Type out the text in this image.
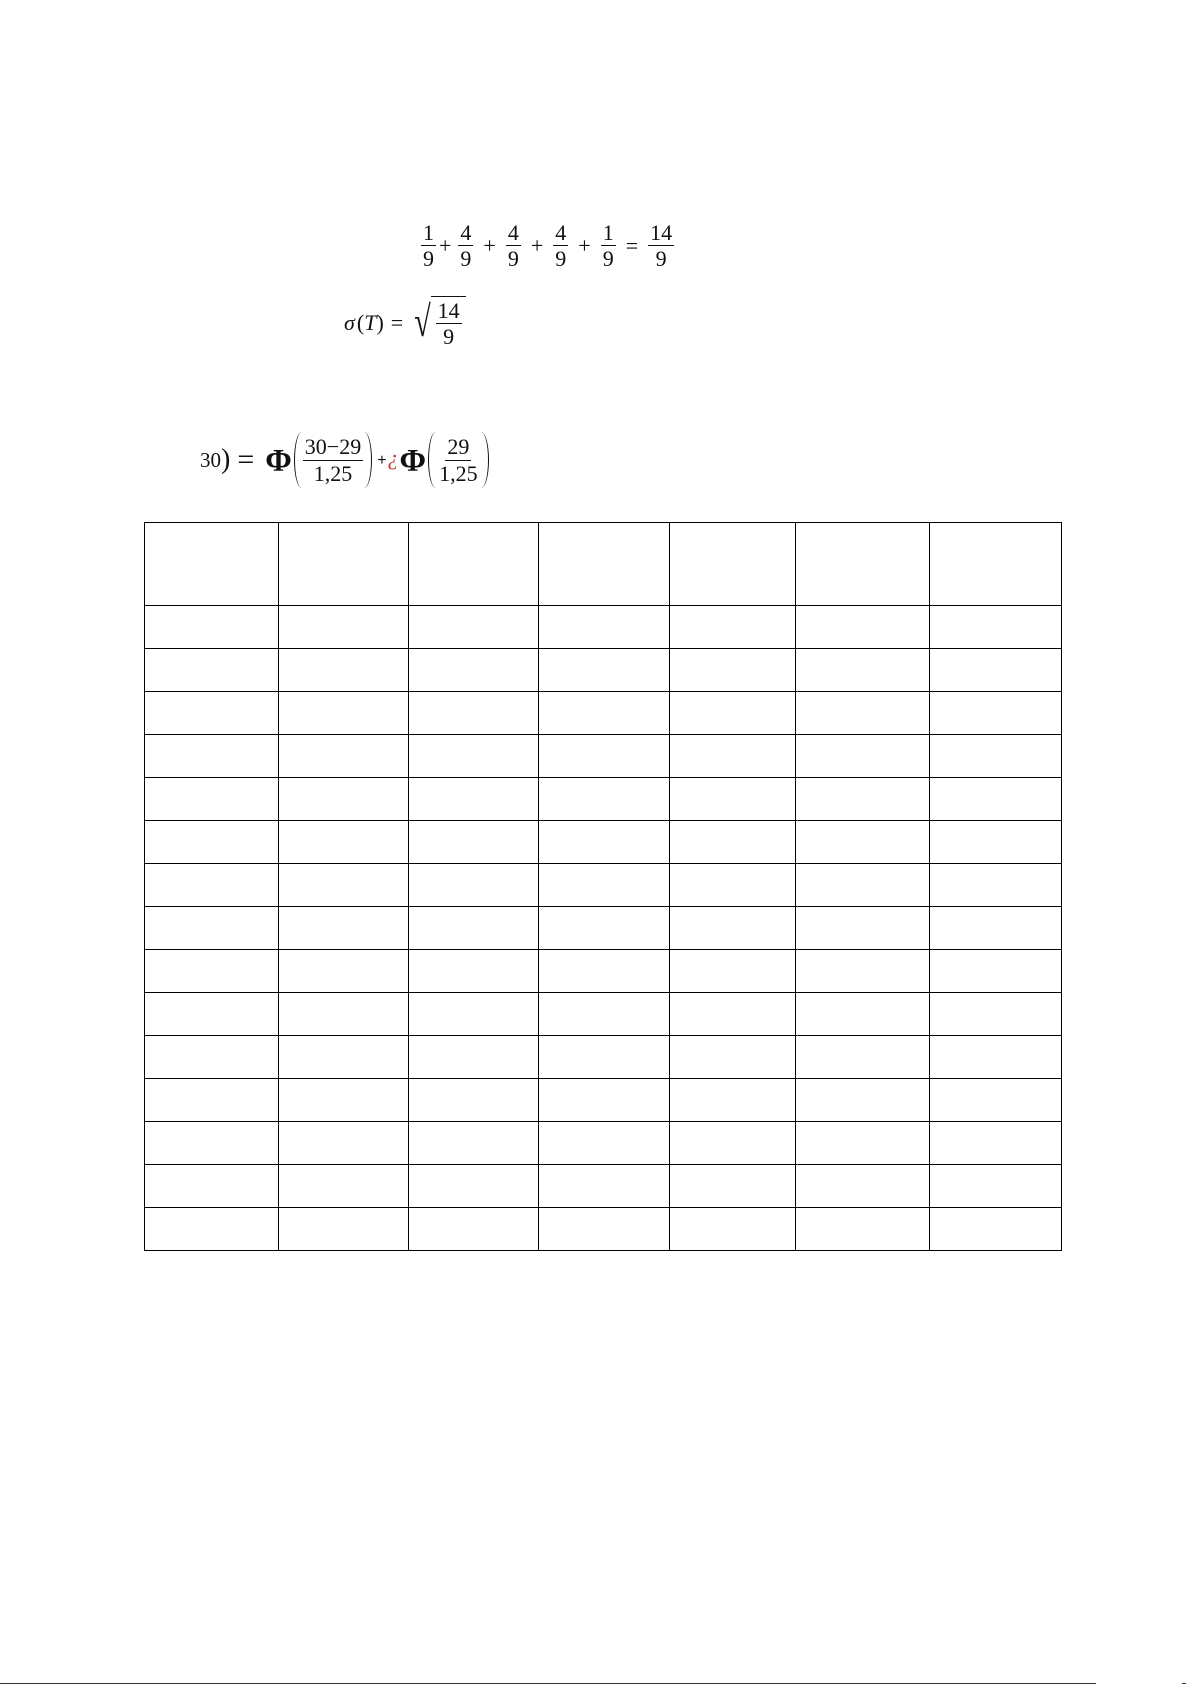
$\frac{1}{9} + \frac{4}{9} + \frac{4}{9} + \frac{4}{9} + \frac{1}{9} = \frac{14}{9}$
σ ( T ) = √ $\frac{14}{9}$
30 ) = Φ $\frac{30-29}{1,25}$ + ¿ Φ $\frac{29}{1,25}$
